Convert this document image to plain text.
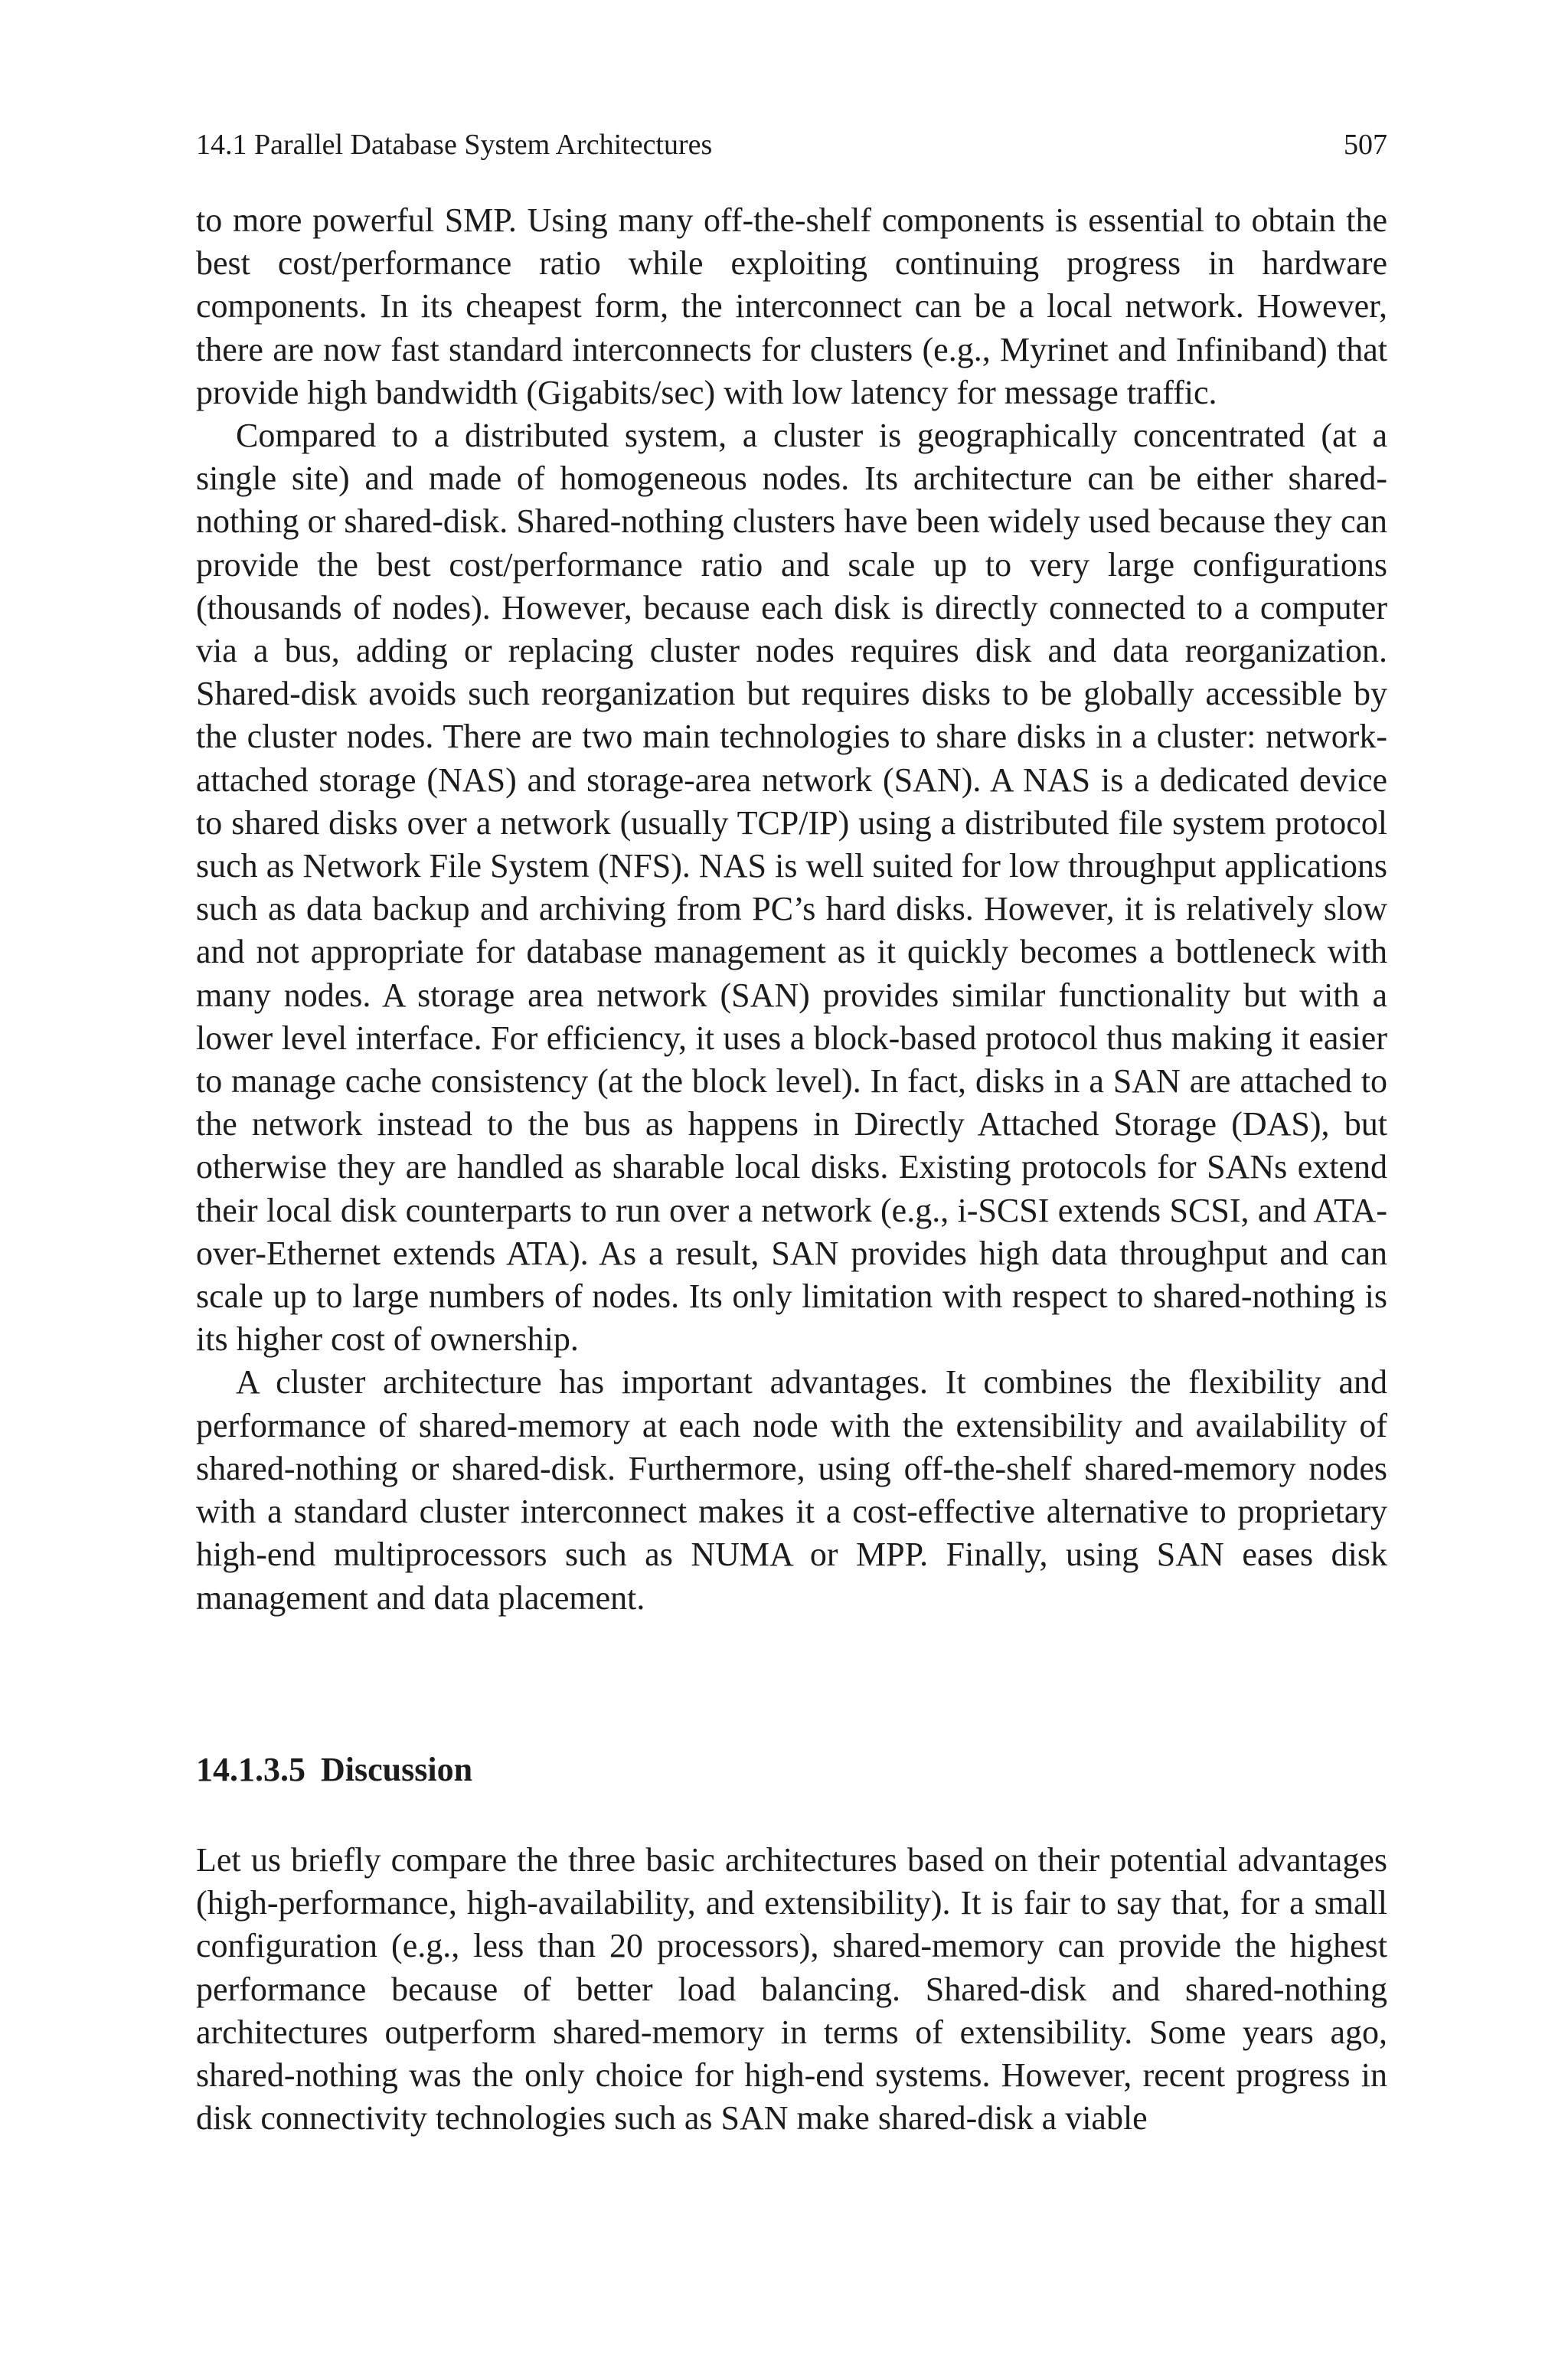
14.1 Parallel Database System Architectures	507

to more powerful SMP. Using many off-the-shelf components is essential to obtain the best cost/performance ratio while exploiting continuing progress in hardware components. In its cheapest form, the interconnect can be a local network. However, there are now fast standard interconnects for clusters (e.g., Myrinet and Infiniband) that provide high bandwidth (Gigabits/sec) with low latency for message traffic.

Compared to a distributed system, a cluster is geographically concentrated (at a single site) and made of homogeneous nodes. Its architecture can be either shared-nothing or shared-disk. Shared-nothing clusters have been widely used because they can provide the best cost/performance ratio and scale up to very large configurations (thousands of nodes). However, because each disk is directly connected to a computer via a bus, adding or replacing cluster nodes requires disk and data reorganization. Shared-disk avoids such reorganization but requires disks to be globally accessible by the cluster nodes. There are two main technologies to share disks in a cluster: network-attached storage (NAS) and storage-area network (SAN). A NAS is a dedicated device to shared disks over a network (usually TCP/IP) using a distributed file system protocol such as Network File System (NFS). NAS is well suited for low throughput applications such as data backup and archiving from PC’s hard disks. However, it is relatively slow and not appropriate for database management as it quickly becomes a bottleneck with many nodes. A storage area network (SAN) provides similar functionality but with a lower level interface. For efficiency, it uses a block-based protocol thus making it easier to manage cache consistency (at the block level). In fact, disks in a SAN are attached to the network instead to the bus as happens in Directly Attached Storage (DAS), but otherwise they are handled as sharable local disks. Existing protocols for SANs extend their local disk counterparts to run over a network (e.g., i-SCSI extends SCSI, and ATA-over-Ethernet extends ATA). As a result, SAN provides high data throughput and can scale up to large numbers of nodes. Its only limitation with respect to shared-nothing is its higher cost of ownership.

A cluster architecture has important advantages. It combines the flexibility and performance of shared-memory at each node with the extensibility and availability of shared-nothing or shared-disk. Furthermore, using off-the-shelf shared-memory nodes with a standard cluster interconnect makes it a cost-effective alternative to proprietary high-end multiprocessors such as NUMA or MPP. Finally, using SAN eases disk management and data placement.

14.1.3.5 Discussion

Let us briefly compare the three basic architectures based on their potential advantages (high-performance, high-availability, and extensibility). It is fair to say that, for a small configuration (e.g., less than 20 processors), shared-memory can provide the highest performance because of better load balancing. Shared-disk and shared-nothing architectures outperform shared-memory in terms of extensibility. Some years ago, shared-nothing was the only choice for high-end systems. However, recent progress in disk connectivity technologies such as SAN make shared-disk a viable
